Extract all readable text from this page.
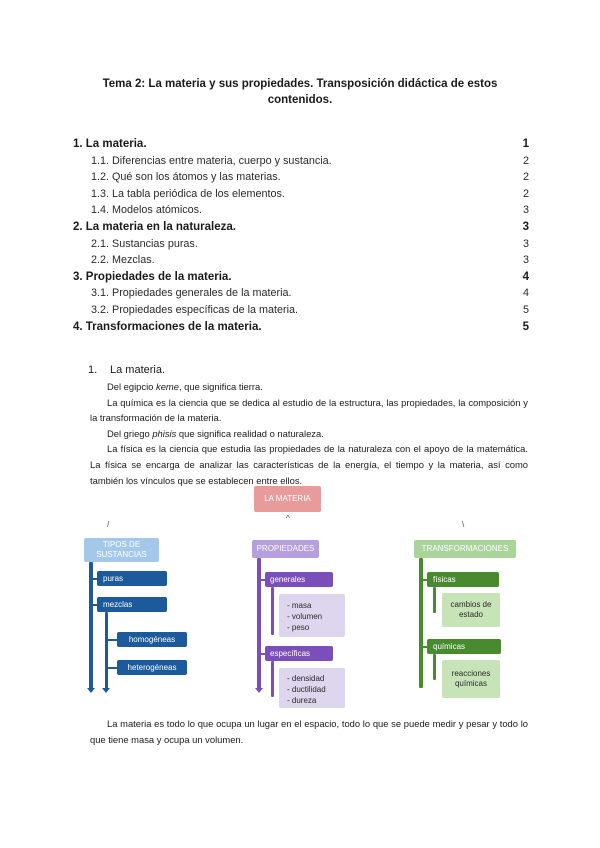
Tema 2: La materia y sus propiedades. Transposición didáctica de estos contenidos.
1. La materia.	1
1.1. Diferencias entre materia, cuerpo y sustancia.	2
1.2. Qué son los átomos y las materias.	2
1.3. La tabla periódica de los elementos.	2
1.4. Modelos atómicos.	3
2. La materia en la naturaleza.	3
2.1. Sustancias puras.	3
2.2. Mezclas.	3
3. Propiedades de la materia.	4
3.1. Propiedades generales de la materia.	4
3.2. Propiedades específicas de la materia.	5
4. Transformaciones de la materia.	5
1. La materia.

Del egipcio keme, que significa tierra.

La química es la ciencia que se dedica al estudio de la estructura, las propiedades, la composición y la transformación de la materia.

Del griego phisis que significa realidad o naturaleza.

La física es la ciencia que estudia las propiedades de la naturaleza con el apoyo de la matemática. La física se encarga de analizar las características de la energía, el tiempo y la materia, así como también los vínculos que se establecen entre ellos.

LA MATERIA
^
/	\
TIPOS DE SUSTANCIAS
puras
mezclas
homogéneas
heterogéneas
PROPIEDADES
generales
- masa
- volumen
- peso
específicas
- densidad
- ductilidad
- dureza
TRANSFORMACIONES
físicas
cambios de estado
químicas
reacciones químicas

La materia es todo lo que ocupa un lugar en el espacio, todo lo que se puede medir y pesar y todo lo que tiene masa y ocupa un volumen.
